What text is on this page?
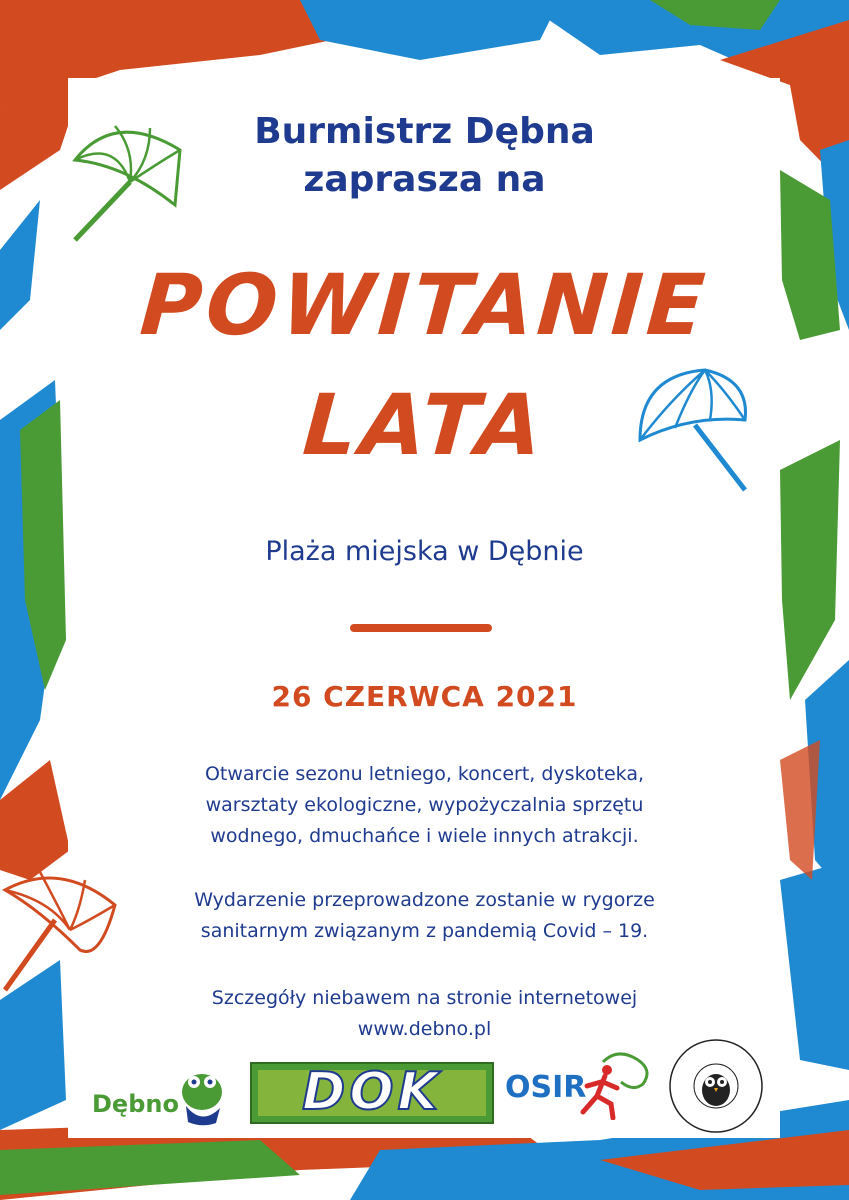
Burmistrz Dębna
zaprasza na
POWITANIE
LATA
Plaża miejska w Dębnie
26 CZERWCA 2021
Otwarcie sezonu letniego, koncert, dyskoteka,
warsztaty ekologiczne, wypożyczalnia sprzętu
wodnego, dmuchańce i wiele innych atrakcji.
Wydarzenie przeprowadzone zostanie w rygorze
sanitarnym związanym z pandemią Covid – 19.
Szczegóły niebawem na stronie internetowej
www.debno.pl
Dębno	DOK	OSIR
